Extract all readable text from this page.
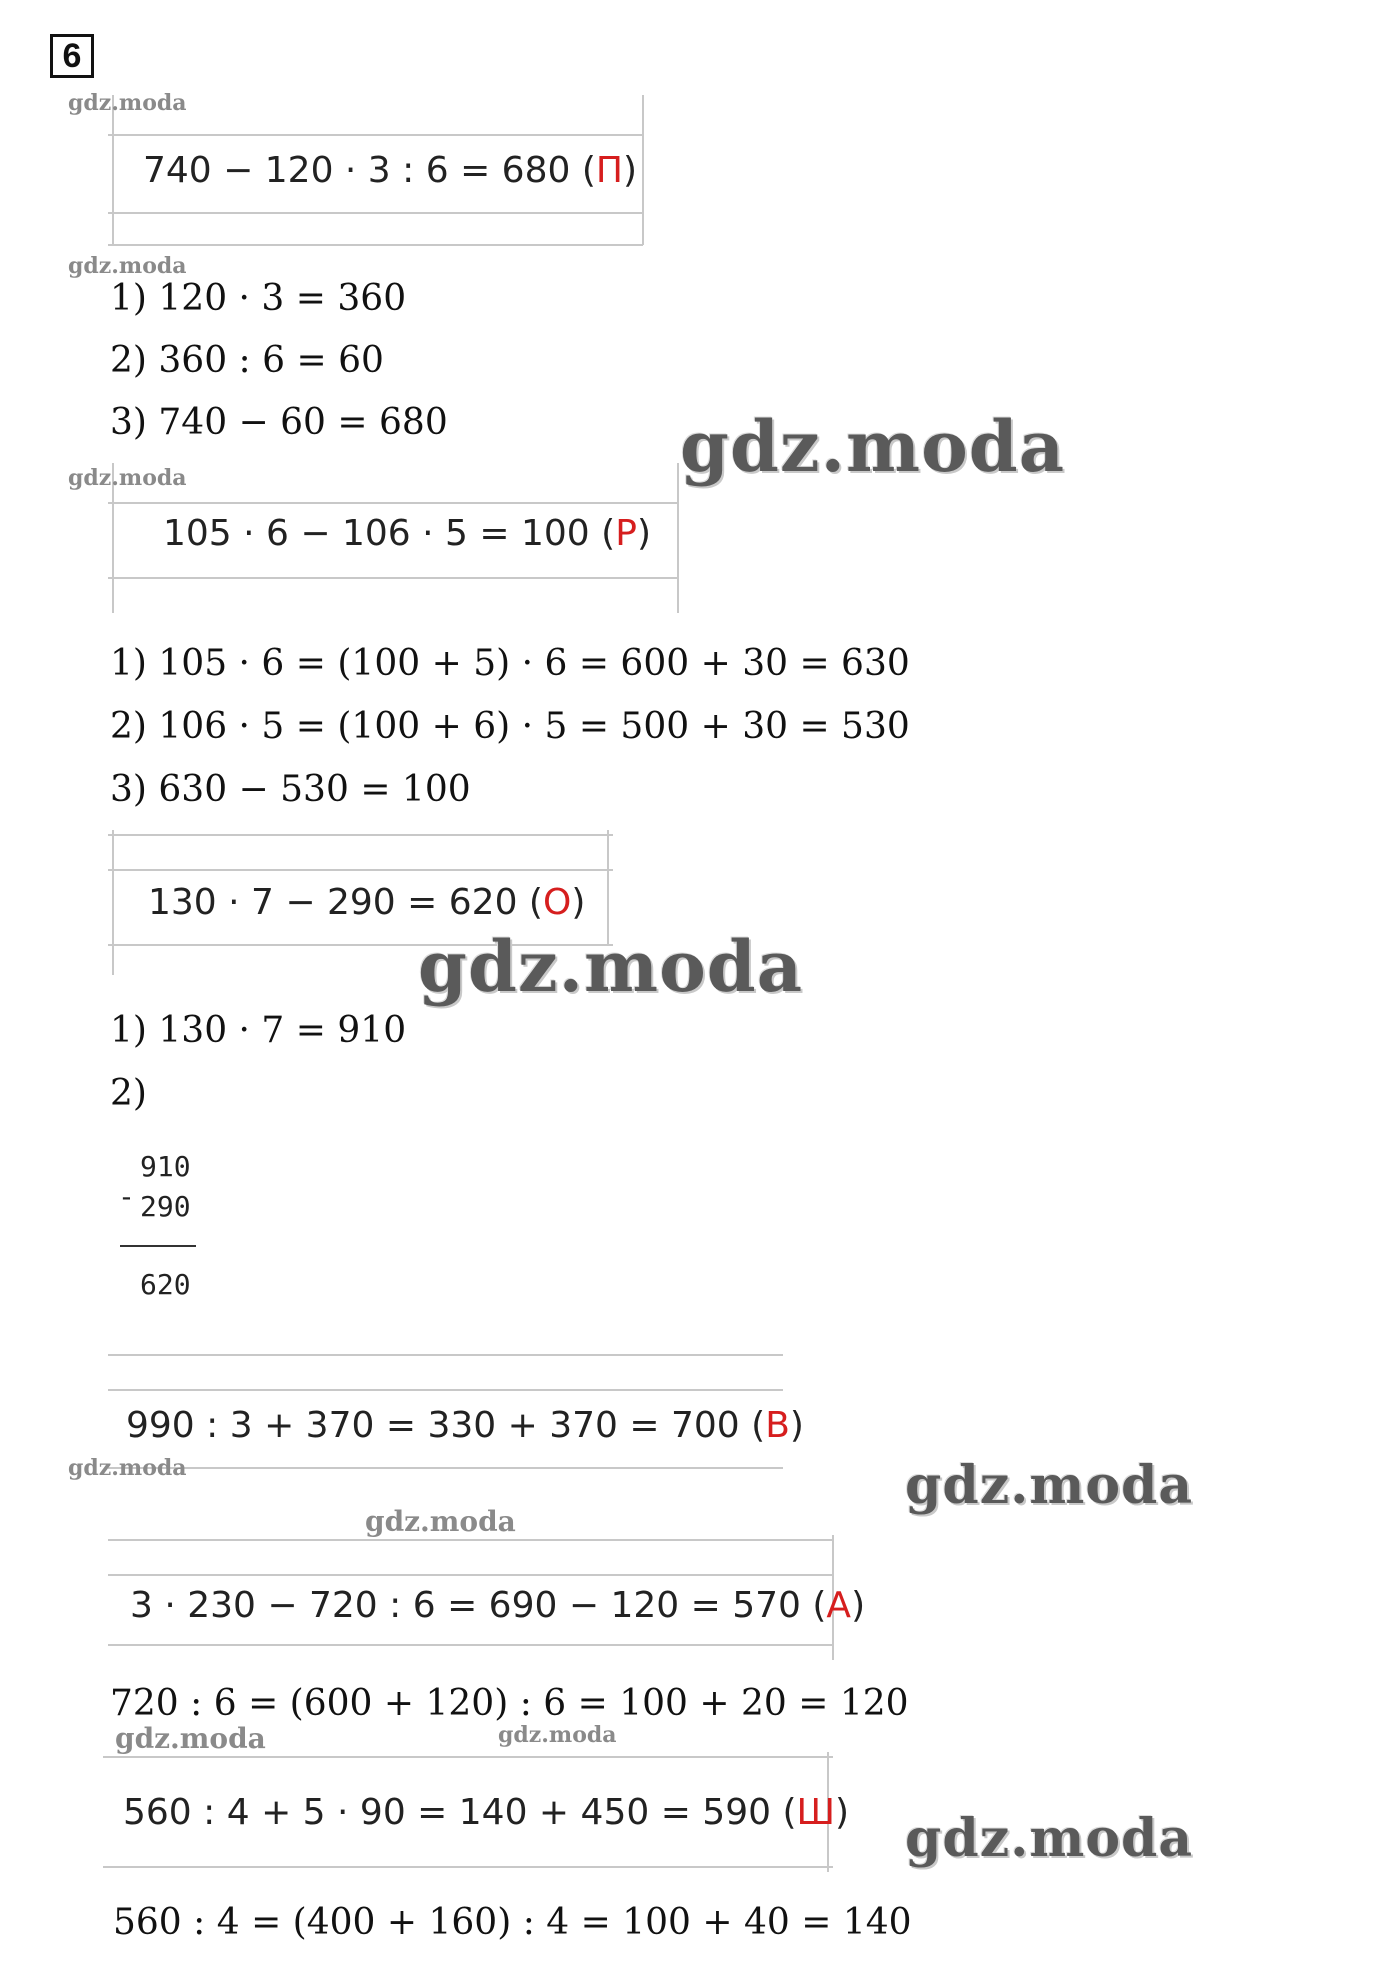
6
740 − 120 · 3 : 6 = 680 (П)
gdz.moda
gdz.moda
1) 120 · 3 = 360
2) 360 : 6 = 60
3) 740 − 60 = 680	gdz.moda
105 · 6 − 106 · 5 = 100 (Р)
gdz.moda
1) 105 · 6 = (100 + 5) · 6 = 600 + 30 = 630
2) 106 · 5 = (100 + 6) · 5 = 500 + 30 = 530
3) 630 − 530 = 100
130 · 7 − 290 = 620 (О)
gdz.moda
1) 130 · 7 = 910
2)
-
910
290
620
990 : 3 + 370 = 330 + 370 = 700 (В)
gdz.moda	gdz.moda
gdz.moda
3 · 230 − 720 : 6 = 690 − 120 = 570 (А)
720 : 6 = (600 + 120) : 6 = 100 + 20 = 120
gdz.moda	gdz.moda
560 : 4 + 5 · 90 = 140 + 450 = 590 (Ш) gdz.moda
560 : 4 = (400 + 160) : 4 = 100 + 40 = 140
